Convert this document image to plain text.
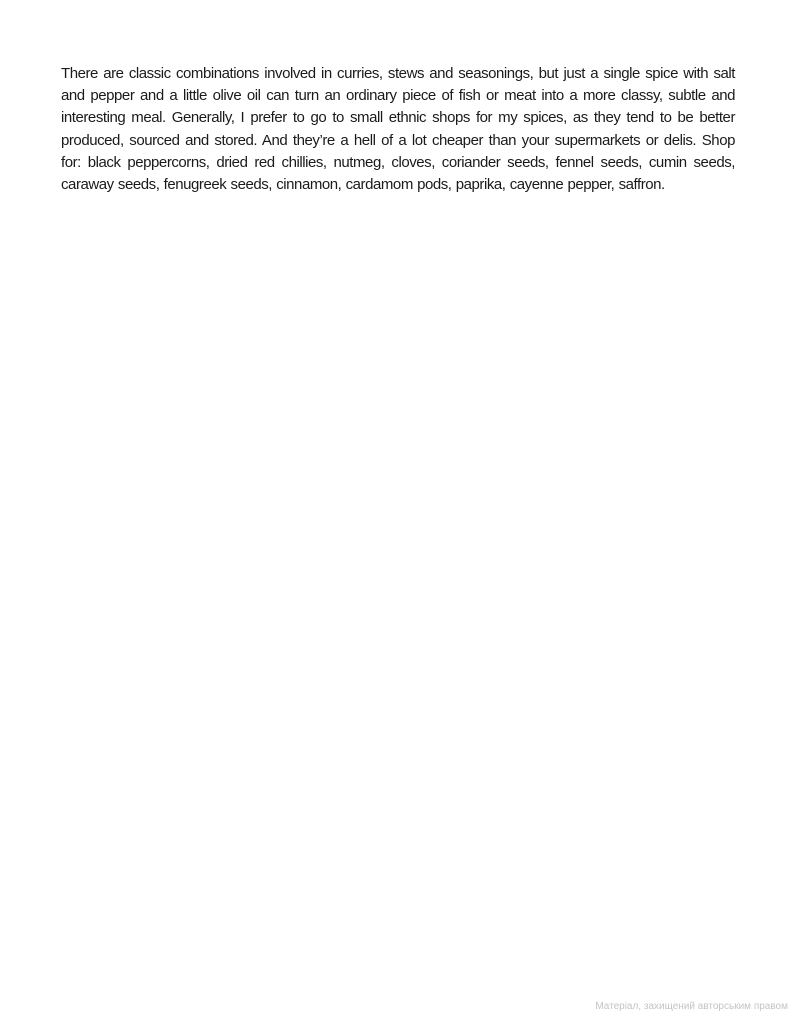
There are classic combinations involved in curries, stews and seasonings, but just a single spice with salt and pepper and a little olive oil can turn an ordinary piece of fish or meat into a more classy, subtle and interesting meal. Generally, I prefer to go to small ethnic shops for my spices, as they tend to be better produced, sourced and stored. And they’re a hell of a lot cheaper than your supermarkets or delis. Shop for: black peppercorns, dried red chillies, nutmeg, cloves, coriander seeds, fennel seeds, cumin seeds, caraway seeds, fenugreek seeds, cinnamon, cardamom pods, paprika, cayenne pepper, saffron.

Матеріал, захищений авторським правом
